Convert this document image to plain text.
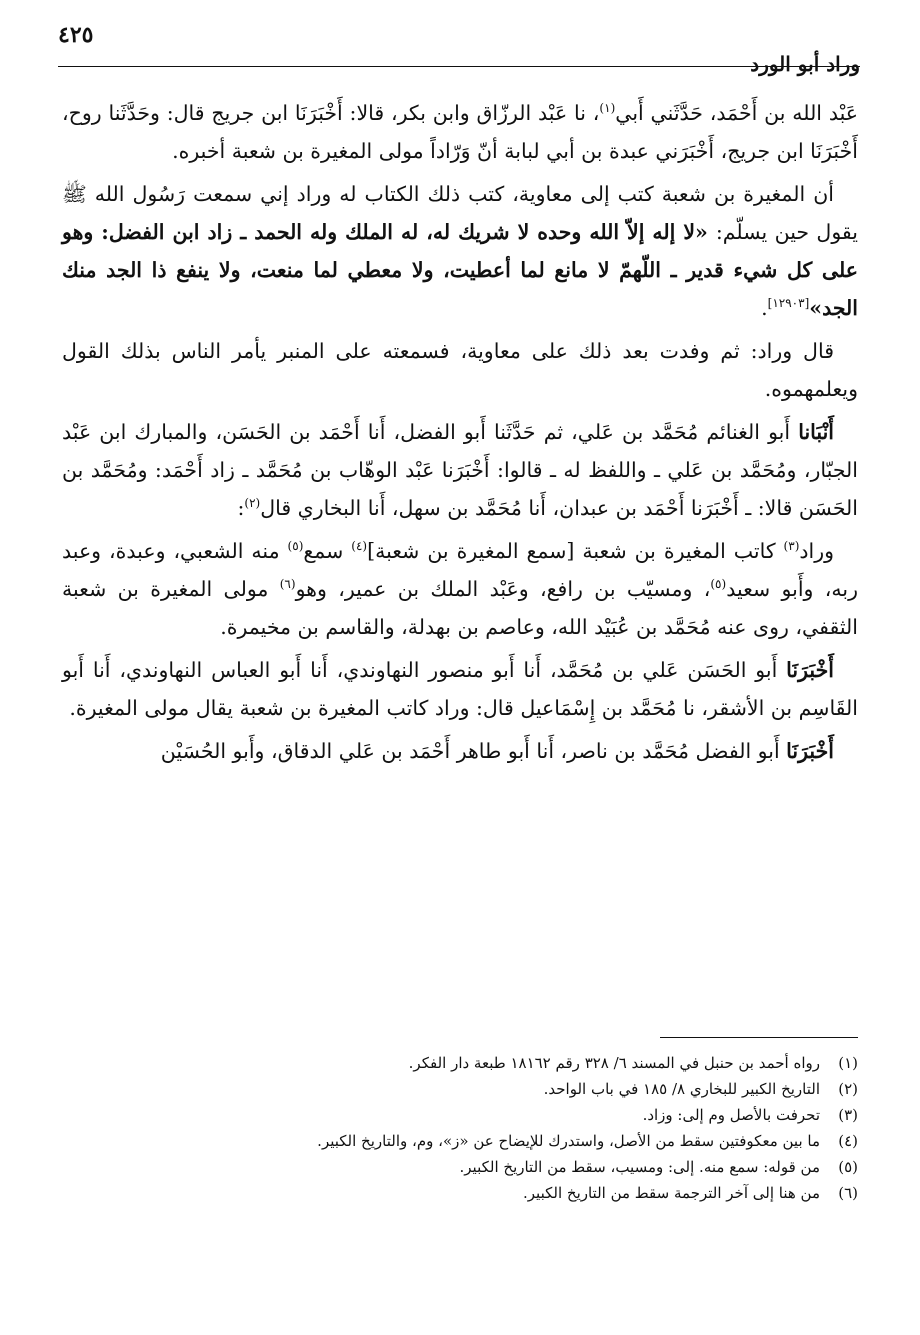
٤٢٥
وراد أبو الورد

عَبْد الله بن أَحْمَد، حَدَّثَني أَبي$^{(١)}$، نا عَبْد الرزّاق وابن بكر، قالا: أَخْبَرَنَا ابن جريج قال: وحَدَّثَنا روح، أَخْبَرَنَا ابن جريج، أَخْبَرَني عبدة بن أبي لبابة أنّ وَرّاداً مولى المغيرة بن شعبة أخبره.

أن المغيرة بن شعبة كتب إلى معاوية، كتب ذلك الكتاب له وراد إني سمعت رَسُول الله ﷺ يقول حين يسلّم: «لا إله إلاّ الله وحده لا شريك له، له الملك وله الحمد ـ زاد ابن الفضل: وهو على كل شيء قدير ـ اللّهمّ لا مانع لما أعطيت، ولا معطي لما منعت، ولا ينفع ذا الجد منك الجد»[١٢٩٠٣].

قال وراد: ثم وفدت بعد ذلك على معاوية، فسمعته على المنبر يأمر الناس بذلك القول ويعلمهموه.

أَنْبَانا أَبو الغنائم مُحَمَّد بن عَلي، ثم حَدَّثَنا أَبو الفضل، أَنا أَحْمَد بن الحَسَن، والمبارك ابن عَبْد الجبّار، ومُحَمَّد بن عَلي ـ واللفظ له ـ قالوا: أَخْبَرَنا عَبْد الوهّاب بن مُحَمَّد ـ زاد أَحْمَد: ومُحَمَّد بن الحَسَن قالا: ـ أَخْبَرَنا أَحْمَد بن عبدان، أَنا مُحَمَّد بن سهل، أَنا البخاري قال$^{(٢)}$:

وراد$^{(٣)}$ كاتب المغيرة بن شعبة [سمع المغيرة بن شعبة]$^{(٤)}$ سمع$^{(٥)}$ منه الشعبي، وعبدة، وعبد ربه، وأَبو سعيد$^{(٥)}$، ومسيّب بن رافع، وعَبْد الملك بن عمير، وهو$^{(٦)}$ مولى المغيرة بن شعبة الثقفي، روى عنه مُحَمَّد بن عُبَيْد الله، وعاصم بن بهدلة، والقاسم بن مخيمرة.

أَخْبَرَنَا أَبو الحَسَن عَلي بن مُحَمَّد، أَنا أَبو منصور النهاوندي، أَنا أَبو العباس النهاوندي، أَنا أَبو القَاسِم بن الأشقر، نا مُحَمَّد بن إِسْمَاعيل قال: وراد كاتب المغيرة بن شعبة يقال مولى المغيرة.

أَخْبَرَنَا أَبو الفضل مُحَمَّد بن ناصر، أَنا أَبو طاهر أَحْمَد بن عَلي الدقاق، وأَبو الحُسَيْن

(١)
رواه أحمد بن حنبل في المسند ٦/ ٣٢٨ رقم ١٨١٦٢ طبعة دار الفكر.
(٢)
التاريخ الكبير للبخاري ٨/ ١٨٥ في باب الواحد.
(٣)
تحرفت بالأصل وم إلى: وزاد.
(٤)
ما بين معكوفتين سقط من الأصل، واستدرك للإيضاح عن «ز»، وم، والتاريخ الكبير.
(٥)
من قوله: سمع منه. إلى: ومسيب، سقط من التاريخ الكبير.
(٦)
من هنا إلى آخر الترجمة سقط من التاريخ الكبير.
